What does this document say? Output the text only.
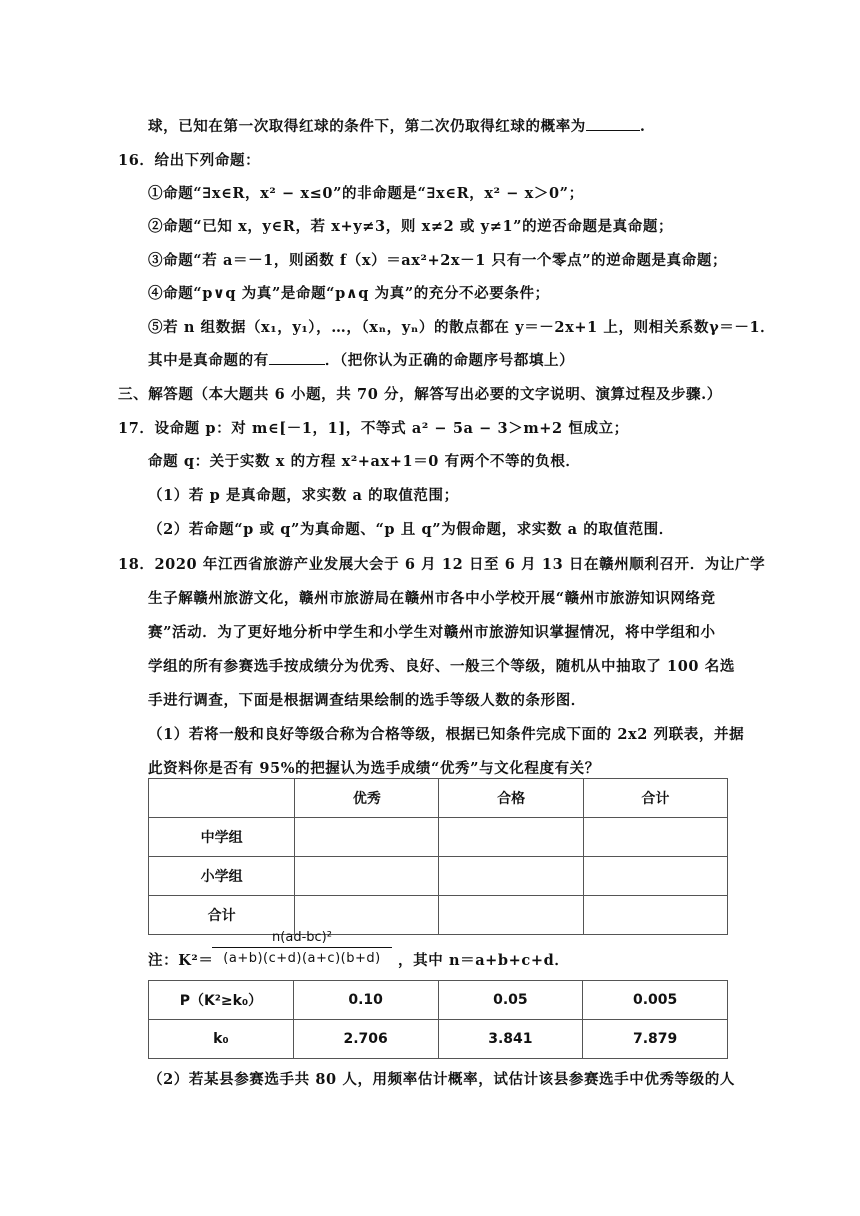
球，已知在第一次取得红球的条件下，第二次仍取得红球的概率为	.
16．给出下列命题：
①命题“∃x∈R，x² − x≤0”的非命题是“∃x∈R，x² − x＞0”；
②命题“已知 x，y∈R，若 x+y≠3，则 x≠2 或 y≠1”的逆否命题是真命题；
③命题“若 a＝－1，则函数 f（x）＝ax²+2x－1 只有一个零点”的逆命题是真命题；
④命题“p∨q 为真”是命题“p∧q 为真”的充分不必要条件；
⑤若 n 组数据（x₁，y₁），…，（xₙ，yₙ）的散点都在 y＝－2x+1 上，则相关系数γ＝－1．
其中是真命题的有	．（把你认为正确的命题序号都填上）
三、解答题（本大题共 6 小题，共 70 分，解答写出必要的文字说明、演算过程及步骤.）
17．设命题 p：对 m∈[－1，1]，不等式 a² − 5a − 3＞m+2 恒成立；
命题 q：关于实数 x 的方程 x²+ax+1＝0 有两个不等的负根．
（1）若 p 是真命题，求实数 a 的取值范围；
（2）若命题“p 或 q”为真命题、“p 且 q”为假命题，求实数 a 的取值范围．
18．2020 年江西省旅游产业发展大会于 6 月 12 日至 6 月 13 日在赣州顺利召开．为让广学
生子解赣州旅游文化，赣州市旅游局在赣州市各中小学校开展“赣州市旅游知识网络竞
赛”活动．为了更好地分析中学生和小学生对赣州市旅游知识掌握情况，将中学组和小
学组的所有参赛选手按成绩分为优秀、良好、一般三个等级，随机从中抽取了 100 名选
手进行调查，下面是根据调查结果绘制的选手等级人数的条形图．
（1）若将一般和良好等级合称为合格等级，根据已知条件完成下面的 2x2 列联表，并据
此资料你是否有 95%的把握认为选手成绩“优秀”与文化程度有关？
	优秀	合格	合计
中学组			
小学组			
合计			
注：K²＝
$\frac{\text{n(ad-bc)²}}{(a+b)(c+d)(a+c)(b+d)}$ ，其中 n＝a+b+c+d．
P（K²≥k₀）	0.10	0.05	0.005
k₀	2.706	3.841	7.879
（2）若某县参赛选手共 80 人，用频率估计概率，试估计该县参赛选手中优秀等级的人
